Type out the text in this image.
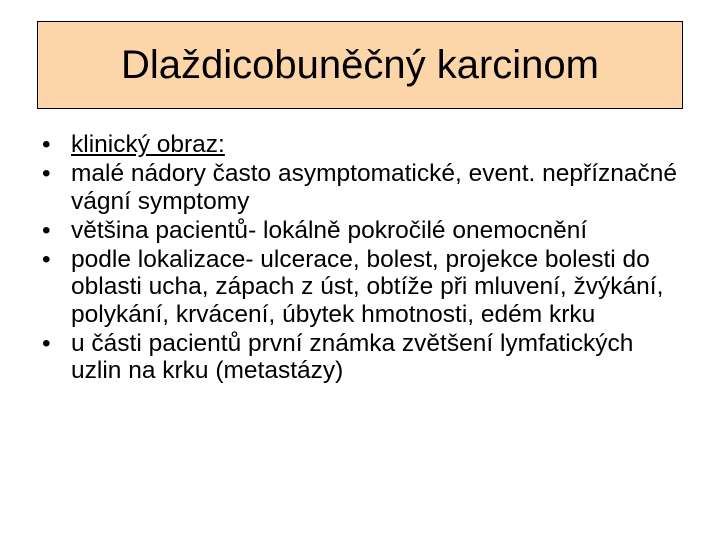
Dlaždicobuněčný karcinom
• klinický obraz:
• malé nádory často asymptomatické, event. nepříznačné vágní symptomy
• většina pacientů- lokálně pokročilé onemocnění
• podle lokalizace- ulcerace, bolest, projekce bolesti do oblasti ucha, zápach z úst, obtíže při mluvení, žvýkání, polykání, krvácení, úbytek hmotnosti, edém krku
• u části pacientů první známka zvětšení lymfatických uzlin na krku (metastázy)
